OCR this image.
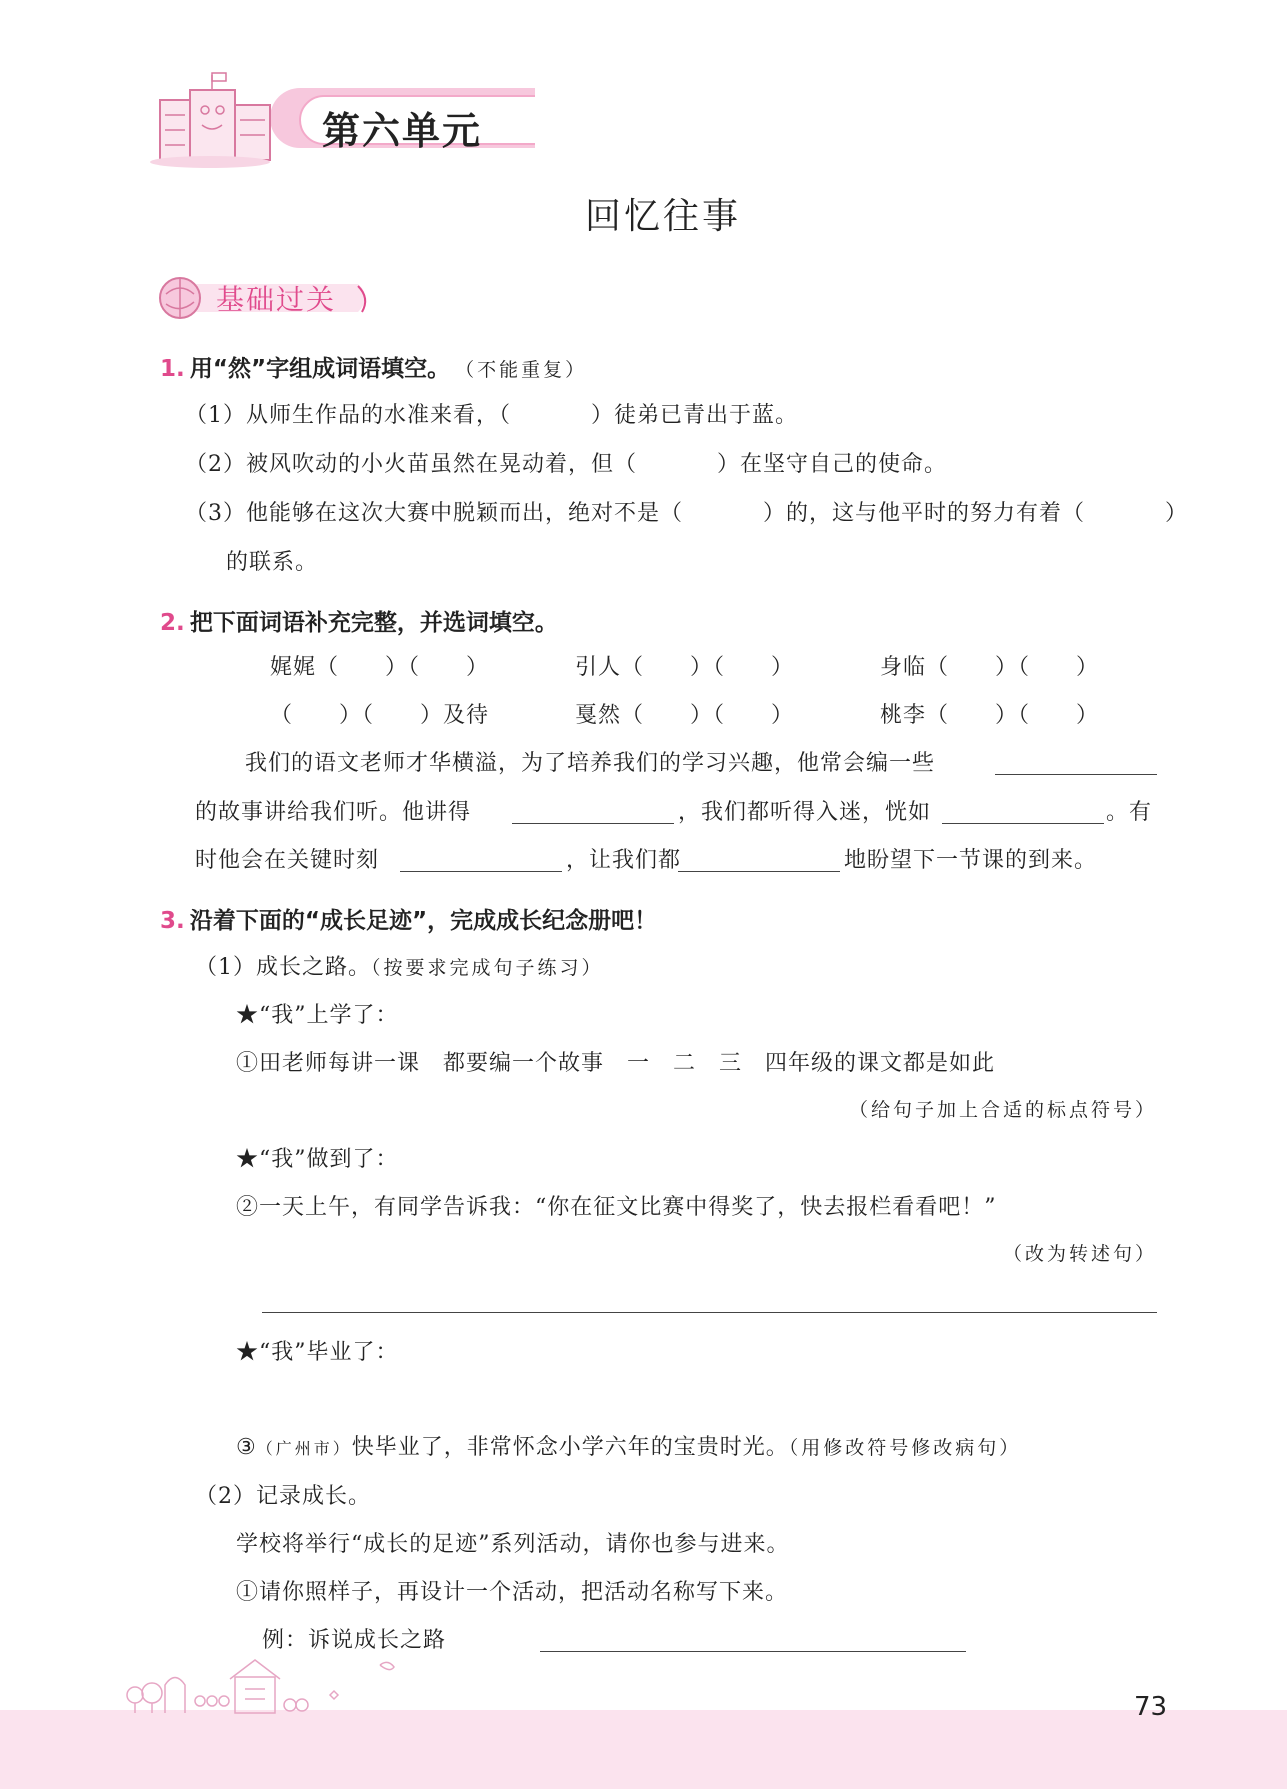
第六单元
回忆往事
基础过关
1. 用“然”字组成词语填空。 （不能重复）
（1）从师生作品的水准来看，（	）徒弟已青出于蓝。
（2）被风吹动的小火苗虽然在晃动着，但（	）在坚守自己的使命。
（3）他能够在这次大赛中脱颖而出，绝对不是（	）的，这与他平时的努力有着（	）
的联系。
2. 把下面词语补充完整，并选词填空。
娓娓（　　）（　　）	引人（　　）（　　）	身临（　　）（　　）
（　　）（　　）及待	戛然（　　）（　　）	桃李（　　）（　　）
我们的语文老师才华横溢，为了培养我们的学习兴趣，他常会编一些
的故事讲给我们听。他讲得	，我们都听得入迷，恍如	。有
时他会在关键时刻	，让我们都	地盼望下一节课的到来。
3. 沿着下面的“成长足迹”，完成成长纪念册吧！
（1）成长之路。（按要求完成句子练习）
★“我”上学了：
①田老师每讲一课　都要编一个故事　一　二　三　四年级的课文都是如此
（给句子加上合适的标点符号）
★“我”做到了：
②一天上午，有同学告诉我：“你在征文比赛中得奖了，快去报栏看看吧！”
（改为转述句）
★“我”毕业了：
③（广州市）快毕业了，非常怀念小学六年的宝贵时光。（用修改符号修改病句）
（2）记录成长。
学校将举行“成长的足迹”系列活动，请你也参与进来。
①请你照样子，再设计一个活动，把活动名称写下来。
例：诉说成长之路
73
